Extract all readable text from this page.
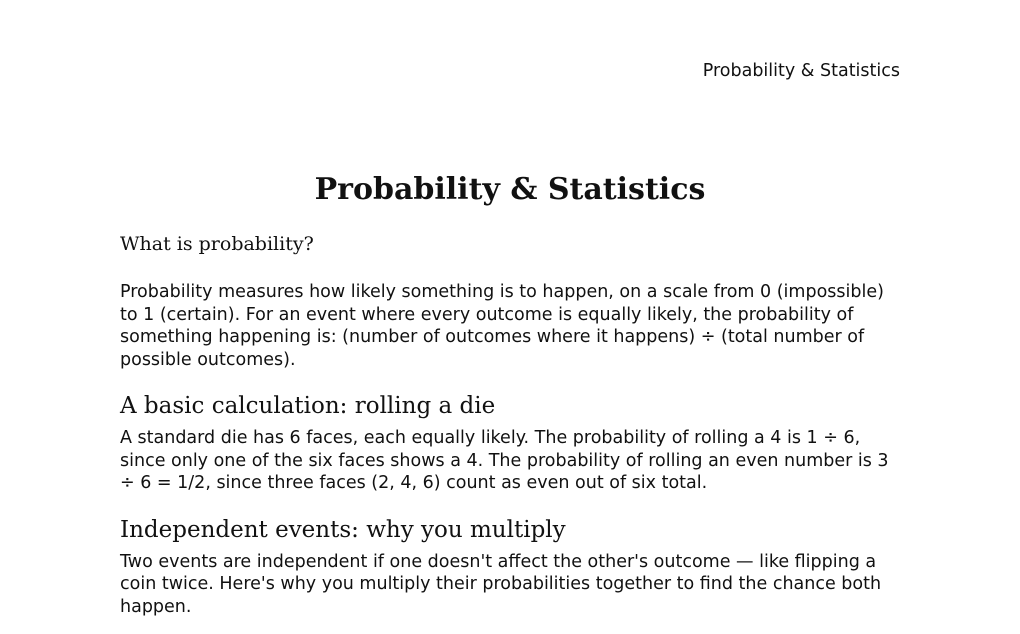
Probability & Statistics
Probability & Statistics
What is probability?

Probability measures how likely something is to happen, on a scale from 0 (impossible) to 1 (certain). For an event where every outcome is equally likely, the probability of something happening is: (number of outcomes where it happens) ÷ (total number of possible outcomes).

A basic calculation: rolling a die

A standard die has 6 faces, each equally likely. The probability of rolling a 4 is 1 ÷ 6, since only one of the six faces shows a 4. The probability of rolling an even number is 3 ÷ 6 = 1/2, since three faces (2, 4, 6) count as even out of six total.

Independent events: why you multiply

Two events are independent if one doesn't affect the other's outcome — like flipping a coin twice. Here's why you multiply their probabilities together to find the chance both happen.
